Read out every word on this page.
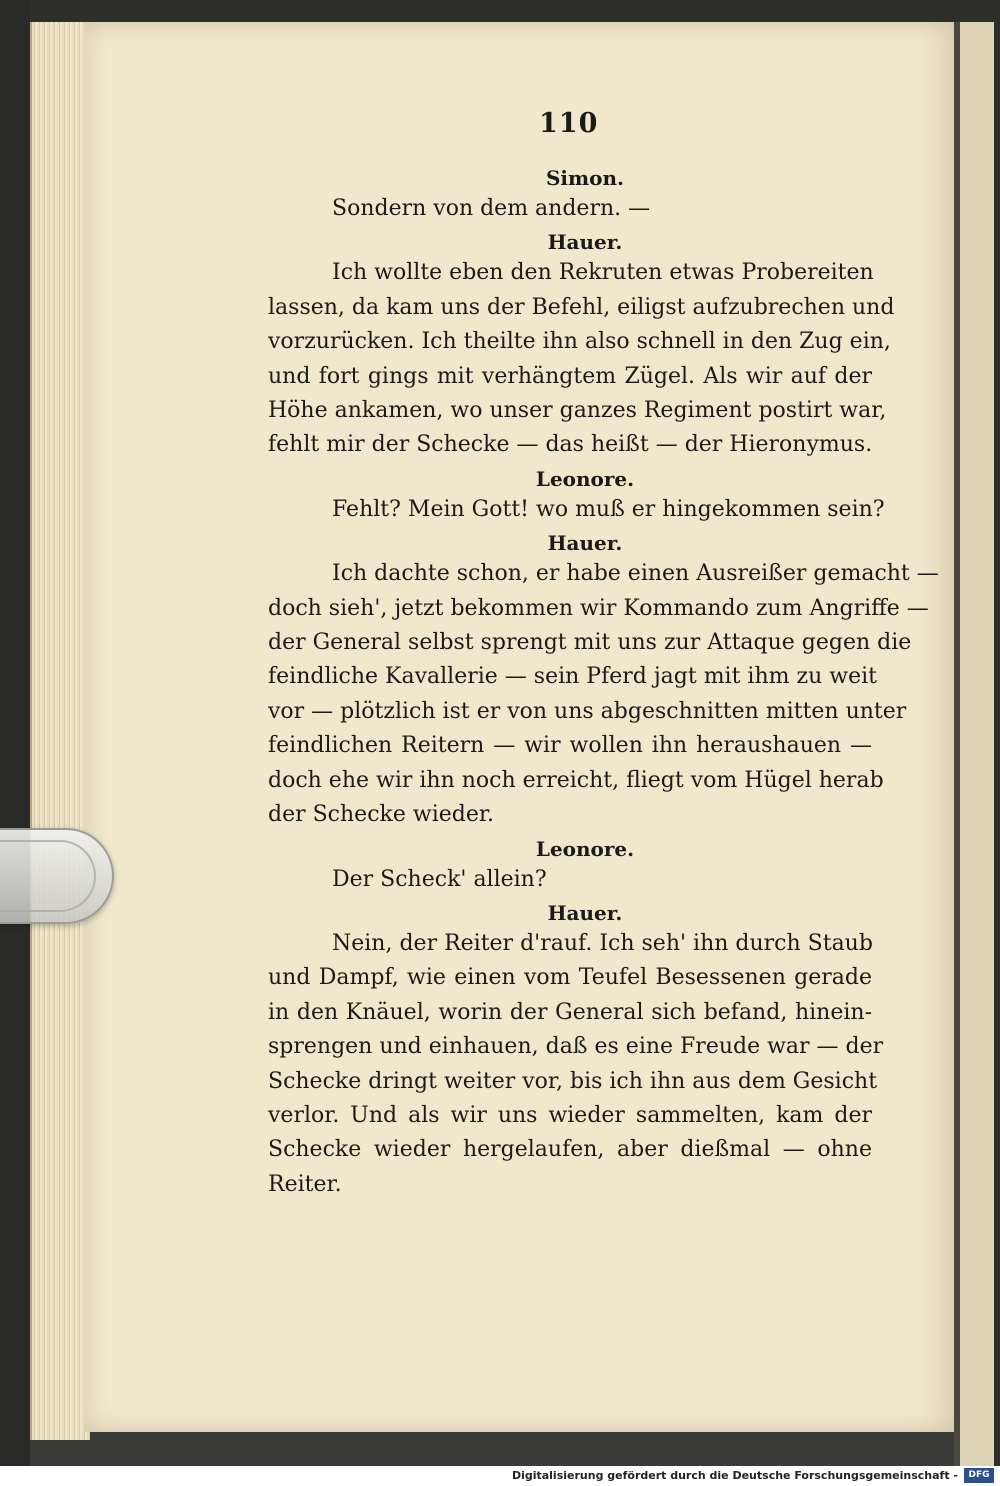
110
Simon.

Sondern von dem andern. —

Hauer.

Ich wollte eben den Rekruten etwas Probereiten

lassen, da kam uns der Befehl, eiligst aufzubrechen und

vorzurücken. Ich theilte ihn also schnell in den Zug ein,

und fort gings mit verhängtem Zügel. Als wir auf der

Höhe ankamen, wo unser ganzes Regiment postirt war,

fehlt mir der Schecke — das heißt — der Hieronymus.

Leonore.

Fehlt? Mein Gott! wo muß er hingekommen sein?

Hauer.

Ich dachte schon, er habe einen Ausreißer gemacht —

doch sieh', jetzt bekommen wir Kommando zum Angriffe —

der General selbst sprengt mit uns zur Attaque gegen die

feindliche Kavallerie — sein Pferd jagt mit ihm zu weit

vor — plötzlich ist er von uns abgeschnitten mitten unter

feindlichen Reitern — wir wollen ihn heraushauen —

doch ehe wir ihn noch erreicht, fliegt vom Hügel herab

der Schecke wieder.

Leonore.

Der Scheck' allein?

Hauer.

Nein, der Reiter d'rauf. Ich seh' ihn durch Staub

und Dampf, wie einen vom Teufel Besessenen gerade

in den Knäuel, worin der General sich befand, hinein-

sprengen und einhauen, daß es eine Freude war — der

Schecke dringt weiter vor, bis ich ihn aus dem Gesicht

verlor. Und als wir uns wieder sammelten, kam der

Schecke wieder hergelaufen, aber dießmal — ohne

Reiter.

Digitalisierung gefördert durch die Deutsche Forschungsgemeinschaft -	DFG
